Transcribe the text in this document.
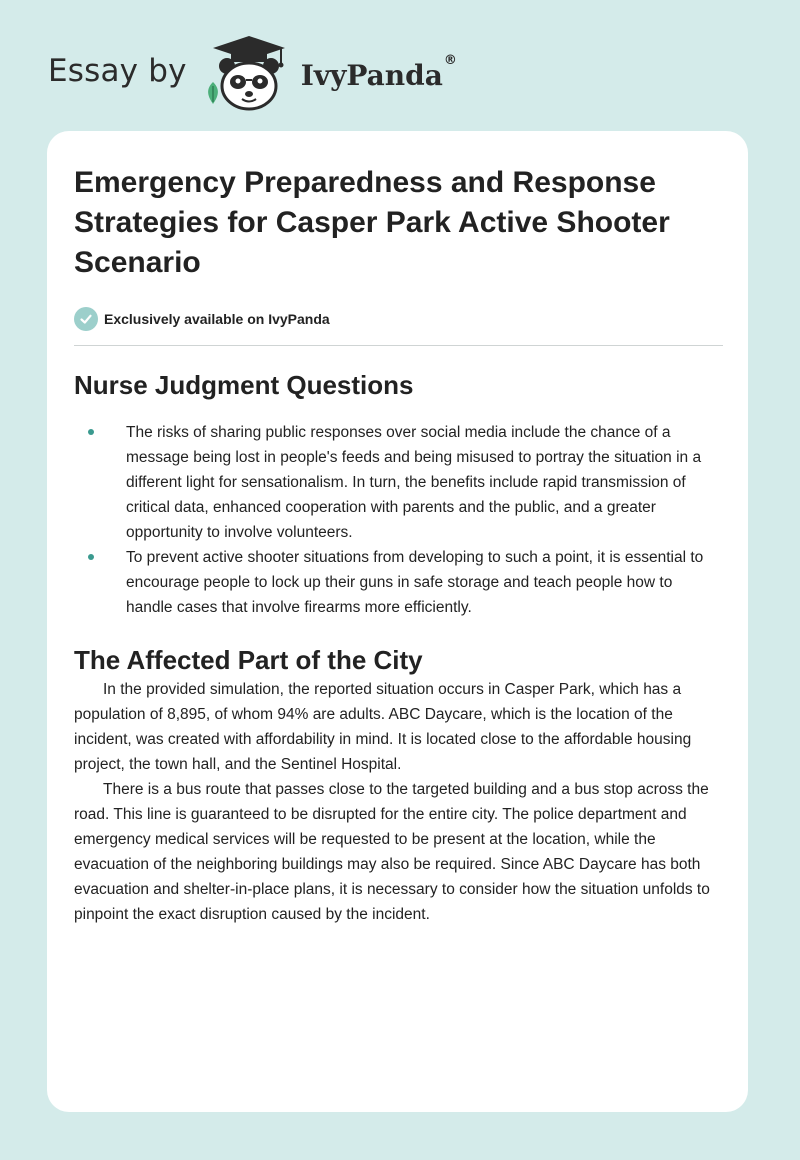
Essay by	IvyPanda®
Emergency Preparedness and Response Strategies for Casper Park Active Shooter Scenario
Exclusively available on IvyPanda
Nurse Judgment Questions
The risks of sharing public responses over social media include the chance of a message being lost in people's feeds and being misused to portray the situation in a different light for sensationalism. In turn, the benefits include rapid transmission of critical data, enhanced cooperation with parents and the public, and a greater opportunity to involve volunteers.
To prevent active shooter situations from developing to such a point, it is essential to encourage people to lock up their guns in safe storage and teach people how to handle cases that involve firearms more efficiently.
The Affected Part of the City

In the provided simulation, the reported situation occurs in Casper Park, which has a population of 8,895, of whom 94% are adults. ABC Daycare, which is the location of the incident, was created with affordability in mind. It is located close to the affordable housing project, the town hall, and the Sentinel Hospital.

There is a bus route that passes close to the targeted building and a bus stop across the road. This line is guaranteed to be disrupted for the entire city. The police department and emergency medical services will be requested to be present at the location, while the evacuation of the neighboring buildings may also be required. Since ABC Daycare has both evacuation and shelter-in-place plans, it is necessary to consider how the situation unfolds to pinpoint the exact disruption caused by the incident.
